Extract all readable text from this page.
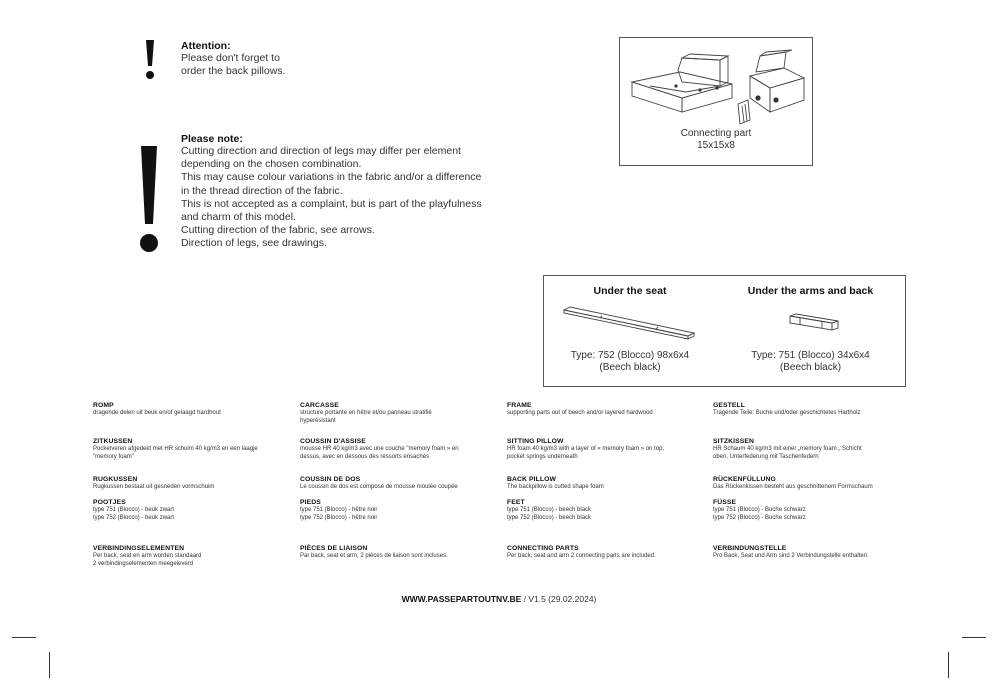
Attention:
Please don't forget to
order the back pillows.
Please note:
Cutting direction and direction of legs may differ per element
depending on the chosen combination.
This may cause colour variations in the fabric and/or a difference
in the thread direction of the fabric.
This is not accepted as a complaint, but is part of the playfulness
and charm of this model.
Cutting direction of the fabric, see arrows.
Direction of legs, see drawings.
Connecting part
15x15x8
Under the seat	Under the arms and back
Type: 752 (Blocco) 98x6x4
(Beech black)
Type: 751 (Blocco) 34x6x4
(Beech black)
ROMP
dragende delen uit beuk en/of gelaagd hardhout
ZITKUSSEN
Pocketveren afgedekt met HR schuim 40 kg/m3 en een laagje
"memory foam"
RUGKUSSEN
Rugkussen bestaat uit gesneden vormschuim
POOTJES
type 751 (Blocco) - beuk zwart
type 752 (Blocco) - beuk zwart
VERBINDINGSELEMENTEN
Per back, seat en arm worden standaard
2 verbindingselementen meegeleverd
CARCASSE
structure portante en hêtre et/ou panneau stratifié
hyperésistant
COUSSIN D'ASSISE
mousse HR 40 kg/m3 avec une couche "memory foam » en
dessus, avec en dessous des ressorts ensachés
COUSSIN DE DOS
Le coussin de dos est composé de mousse moulée coupée
PIEDS
type 751 (Blocco) - hêtre noir
type 752 (Blocco) - hêtre noir
PIÈCES DE LIAISON
Par back, seat et arm, 2 pièces de liaison sont incluses.
FRAME
supporting parts out of beech and/or layered hardwood
SITTING PILLOW
HR foam 40 kg/m3 with a layer of « memory foam » on top,
pocket springs underneath
BACK PILLOW
The backpillow is cutted shape foam
FEET
type 751 (Blocco) - beech black
type 752 (Blocco) - beech black
CONNECTING PARTS
Per back, seat and arm 2 connecting parts are included.
GESTELL
Tragende Teile: Buche und/oder geschichtetes Hartholz
SITZKISSEN
HR Schaum 40 kg/m3 mit einer „memory foam „ Schicht
oben, Unterfederung mit Taschenfedern
RÜCKENFÜLLUNG
Das Rückenkissen besteht aus geschnittenem Formschaum
FÜSSE
type 751 (Blocco) - Buche schwarz
type 752 (Blocco) - Buche schwarz
VERBINDUNGSTELLE
Pro Back, Seat und Arm sind 2 Verbindungstelle enthalten.
WWW.PASSEPARTOUTNV.BE / V1.5 (29.02.2024)
